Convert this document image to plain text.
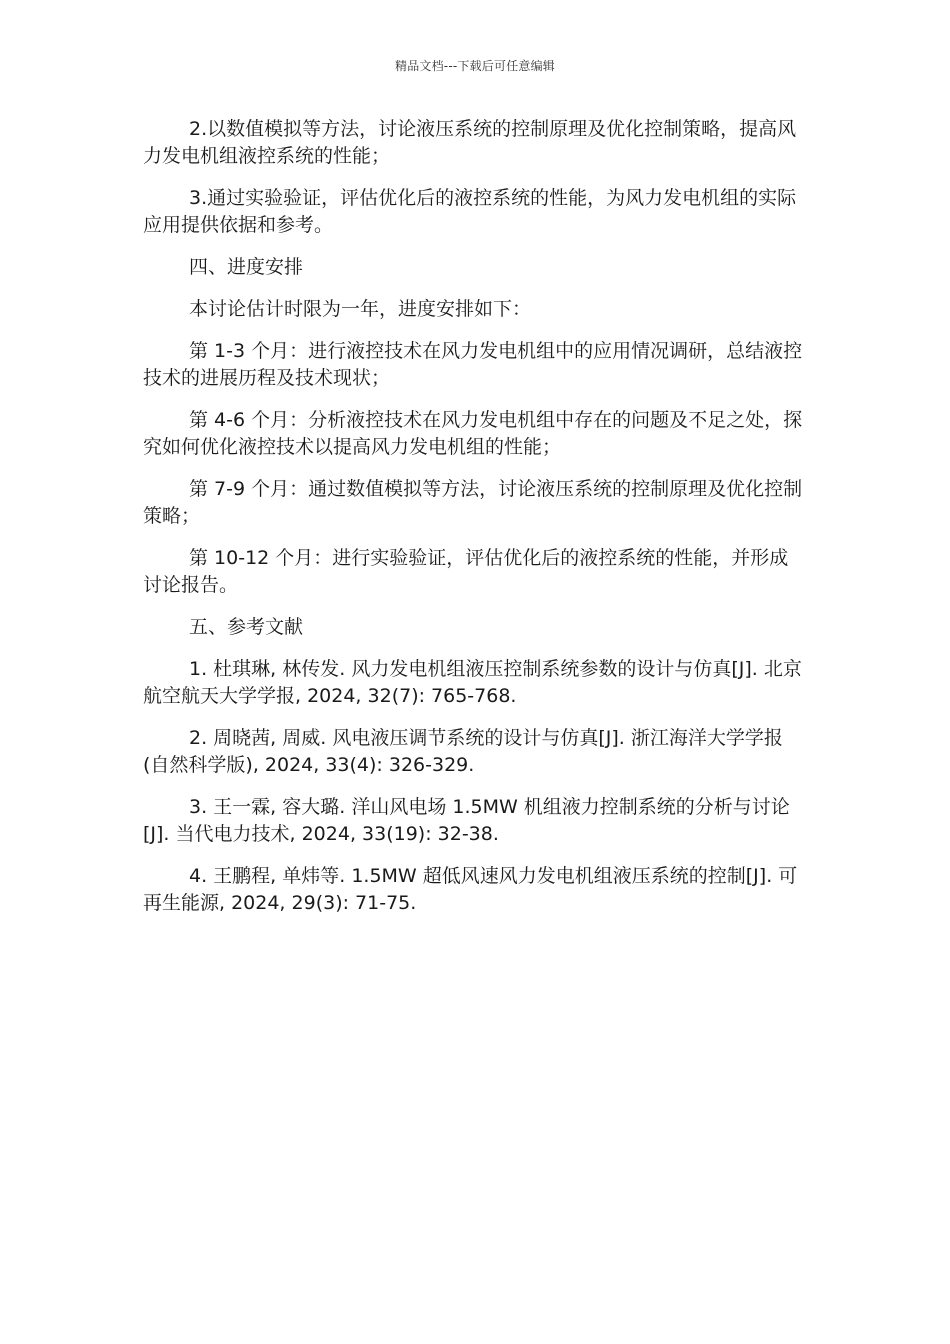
精品文档---下载后可任意编辑

2.以数值模拟等方法，讨论液压系统的控制原理及优化控制策略，提高风力发电机组液控系统的性能；

3.通过实验验证，评估优化后的液控系统的性能，为风力发电机组的实际应用提供依据和参考。

四、进度安排

本讨论估计时限为一年，进度安排如下：

第 1-3 个月：进行液控技术在风力发电机组中的应用情况调研，总结液控技术的进展历程及技术现状；

第 4-6 个月：分析液控技术在风力发电机组中存在的问题及不足之处，探究如何优化液控技术以提高风力发电机组的性能；

第 7-9 个月：通过数值模拟等方法，讨论液压系统的控制原理及优化控制策略；

第 10-12 个月：进行实验验证，评估优化后的液控系统的性能，并形成讨论报告。

五、参考文献

1. 杜琪琳, 林传发. 风力发电机组液压控制系统参数的设计与仿真[J]. 北京航空航天大学学报, 2024, 32(7): 765-768.

2. 周晓茜, 周威. 风电液压调节系统的设计与仿真[J]. 浙江海洋大学学报(自然科学版), 2024, 33(4): 326-329.

3. 王一霖, 容大璐. 洋山风电场 1.5MW 机组液力控制系统的分析与讨论[J]. 当代电力技术, 2024, 33(19): 32-38.

4. 王鹏程, 单炜等. 1.5MW 超低风速风力发电机组液压系统的控制[J]. 可再生能源, 2024, 29(3): 71-75.
